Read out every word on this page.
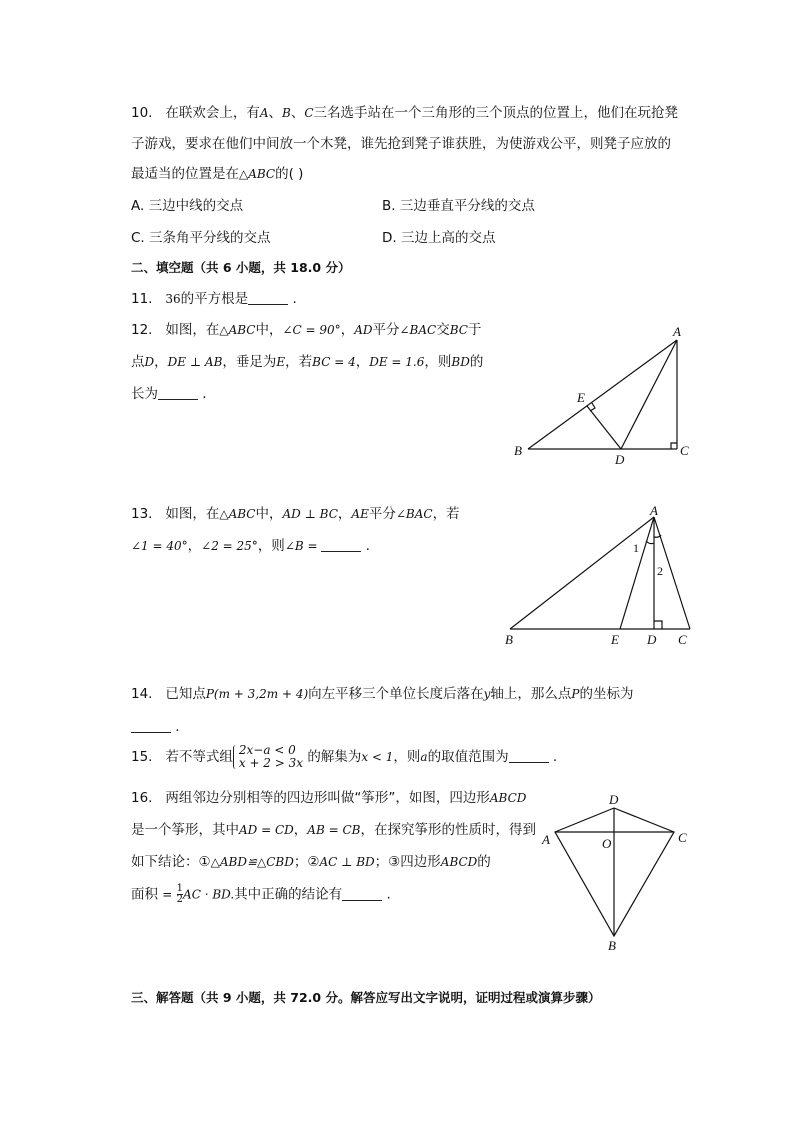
10. 在联欢会上，有A、B、C三名选手站在一个三角形的三个顶点的位置上，他们在玩抢凳
子游戏，要求在他们中间放一个木凳，谁先抢到凳子谁获胜，为使游戏公平，则凳子应放的
最适当的位置是在△ABC的( )
A. 三边中线的交点	B. 三边垂直平分线的交点
C. 三条角平分线的交点	D. 三边上高的交点
二、填空题（共 6 小题，共 18.0 分）
11. 36的平方根是	.
12. 如图，在△ABC中，∠C = 90°，AD平分∠BAC交BC于
点D，DE ⊥ AB，垂足为E，若BC = 4，DE = 1.6，则BD的
长为	.
A
B	C
D
E
13. 如图，在△ABC中，AD ⊥ BC，AE平分∠BAC，若
∠1 = 40°，∠2 = 25°，则∠B =	.
A
B	C
D
E
1
2
14. 已知点P(m + 3,2m + 4)向左平移三个单位长度后落在y轴上，那么点P的坐标为
.
15. 若不等式组 2x−a < 0
x + 2 > 3x 的解集为x < 1，则a的取值范围为	.
16. 两组邻边分别相等的四边形叫做“筝形”，如图，四边形ABCD
是一个筝形，其中AD = CD，AB = CB，在探究筝形的性质时，得到
如下结论：①△ABD≌△CBD；②AC ⊥ BD；③四边形ABCD的
面积 = $\frac{1}{2}$ AC · BD.其中正确的结论有	.
A
B
C
D
O
三、解答题（共 9 小题，共 72.0 分。解答应写出文字说明，证明过程或演算步骤）
